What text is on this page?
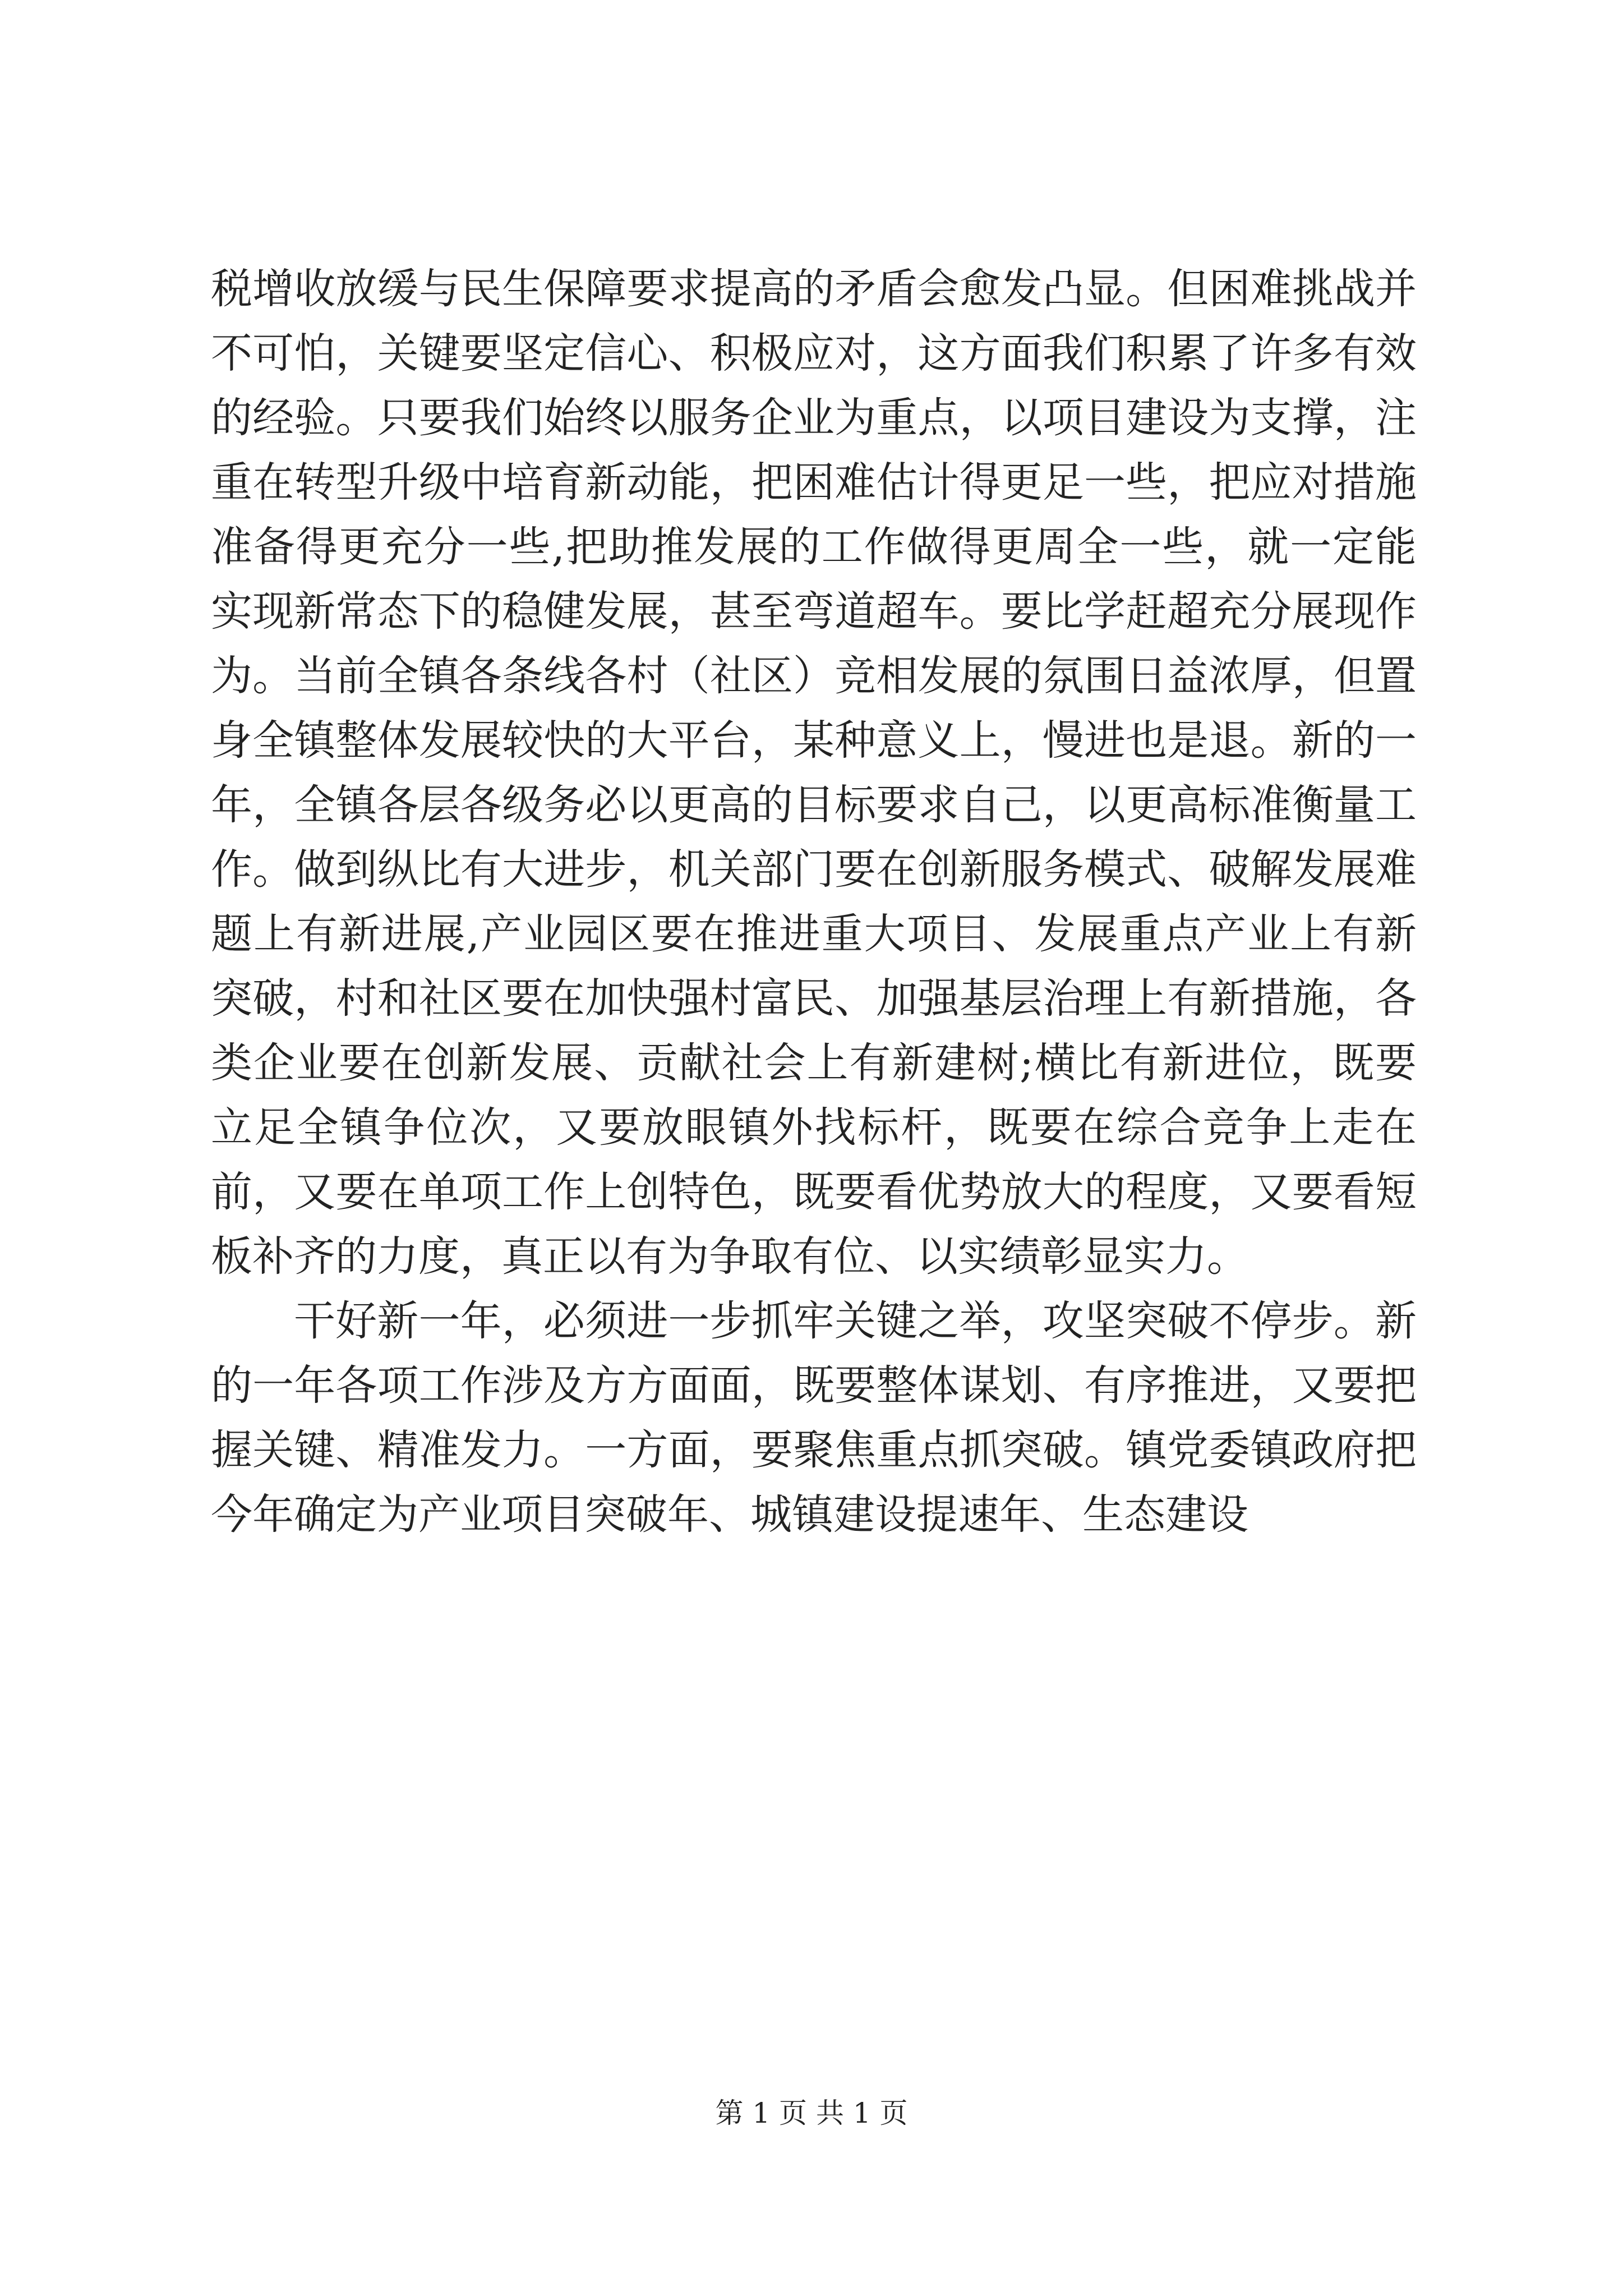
税增收放缓与民生保障要求提高的矛盾会愈发凸显。但困难挑战并不可怕，关键要坚定信心、积极应对，这方面我们积累了许多有效的经验。只要我们始终以服务企业为重点，以项目建设为支撑，注重在转型升级中培育新动能，把困难估计得更足一些，把应对措施准备得更充分一些,把助推发展的工作做得更周全一些，就一定能实现新常态下的稳健发展，甚至弯道超车。要比学赶超充分展现作为。当前全镇各条线各村（社区）竞相发展的氛围日益浓厚，但置身全镇整体发展较快的大平台，某种意义上，慢进也是退。新的一年，全镇各层各级务必以更高的目标要求自己，以更高标准衡量工作。做到纵比有大进步，机关部门要在创新服务模式、破解发展难题上有新进展,产业园区要在推进重大项目、发展重点产业上有新突破，村和社区要在加快强村富民、加强基层治理上有新措施，各类企业要在创新发展、贡献社会上有新建树;横比有新进位，既要立足全镇争位次，又要放眼镇外找标杆，既要在综合竞争上走在前，又要在单项工作上创特色，既要看优势放大的程度，又要看短板补齐的力度，真正以有为争取有位、以实绩彰显实力。

干好新一年，必须进一步抓牢关键之举，攻坚突破不停步。新的一年各项工作涉及方方面面，既要整体谋划、有序推进，又要把握关键、精准发力。一方面，要聚焦重点抓突破。镇党委镇政府把今年确定为产业项目突破年、城镇建设提速年、生态建设

第 1 页 共 1 页
